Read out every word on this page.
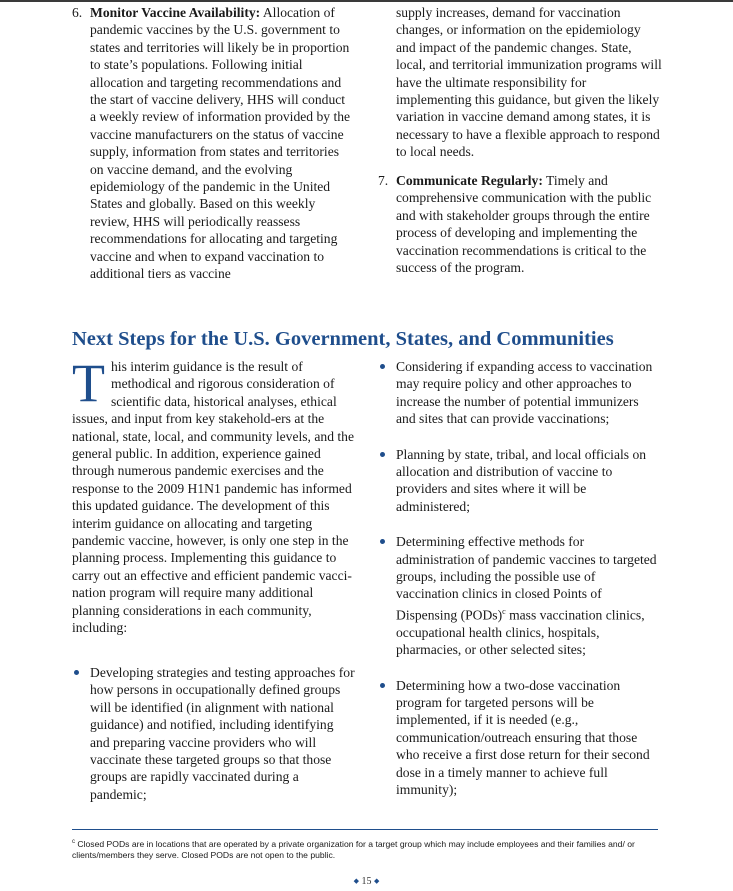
6. Monitor Vaccine Availability: Allocation of pandemic vaccines by the U.S. government to states and territories will likely be in proportion to state’s populations. Following initial allocation and targeting recommendations and the start of vaccine delivery, HHS will conduct a weekly review of information provided by the vaccine manufacturers on the status of vaccine supply, information from states and territories on vaccine demand, and the evolving epidemiology of the pandemic in the United States and globally. Based on this weekly review, HHS will periodically reassess recommendations for allocating and targeting vaccine and when to expand vaccination to additional tiers as vaccine
supply increases, demand for vaccination changes, or information on the epidemiology and impact of the pandemic changes. State, local, and territorial immunization programs will have the ultimate responsibility for implementing this guidance, but given the likely variation in vaccine demand among states, it is necessary to have a flexible approach to respond to local needs.
7. Communicate Regularly: Timely and comprehensive communication with the public and with stakeholder groups through the entire process of developing and implementing the vaccination recommendations is critical to the success of the program.
Next Steps for the U.S. Government, States, and Communities
T his interim guidance is the result of methodical and rigorous consideration of scientific data, historical analyses, ethical issues, and input from key stakehold-ers at the national, state, local, and community levels, and the general public. In addition, experience gained through numerous pandemic exercises and the response to the 2009 H1N1 pandemic has informed this updated guidance. The development of this interim guidance on allocating and targeting pandemic vaccine, however, is only one step in the planning process. Implementing this guidance to carry out an effective and efficient pandemic vacci-nation program will require many additional planning considerations in each community, including:
Developing strategies and testing approaches for how persons in occupationally defined groups will be identified (in alignment with national guidance) and notified, including identifying and preparing vaccine providers who will vaccinate these targeted groups so that those groups are rapidly vaccinated during a pandemic;
Considering if expanding access to vaccination may require policy and other approaches to increase the number of potential immunizers and sites that can provide vaccinations;
Planning by state, tribal, and local officials on allocation and distribution of vaccine to providers and sites where it will be administered;
Determining effective methods for administration of pandemic vaccines to targeted groups, including the possible use of vaccination clinics in closed Points of Dispensing (PODs)$^c$ mass vaccination clinics, occupational health clinics, hospitals, pharmacies, or other selected sites;
Determining how a two-dose vaccination program for targeted persons will be implemented, if it is needed (e.g., communication/outreach ensuring that those who receive a first dose return for their second dose in a timely manner to achieve full immunity);
$^c$ Closed PODs are in locations that are operated by a private organization for a target group which may include employees and their families and/ or clients/members they serve. Closed PODs are not open to the public.
◆ 15 ◆
